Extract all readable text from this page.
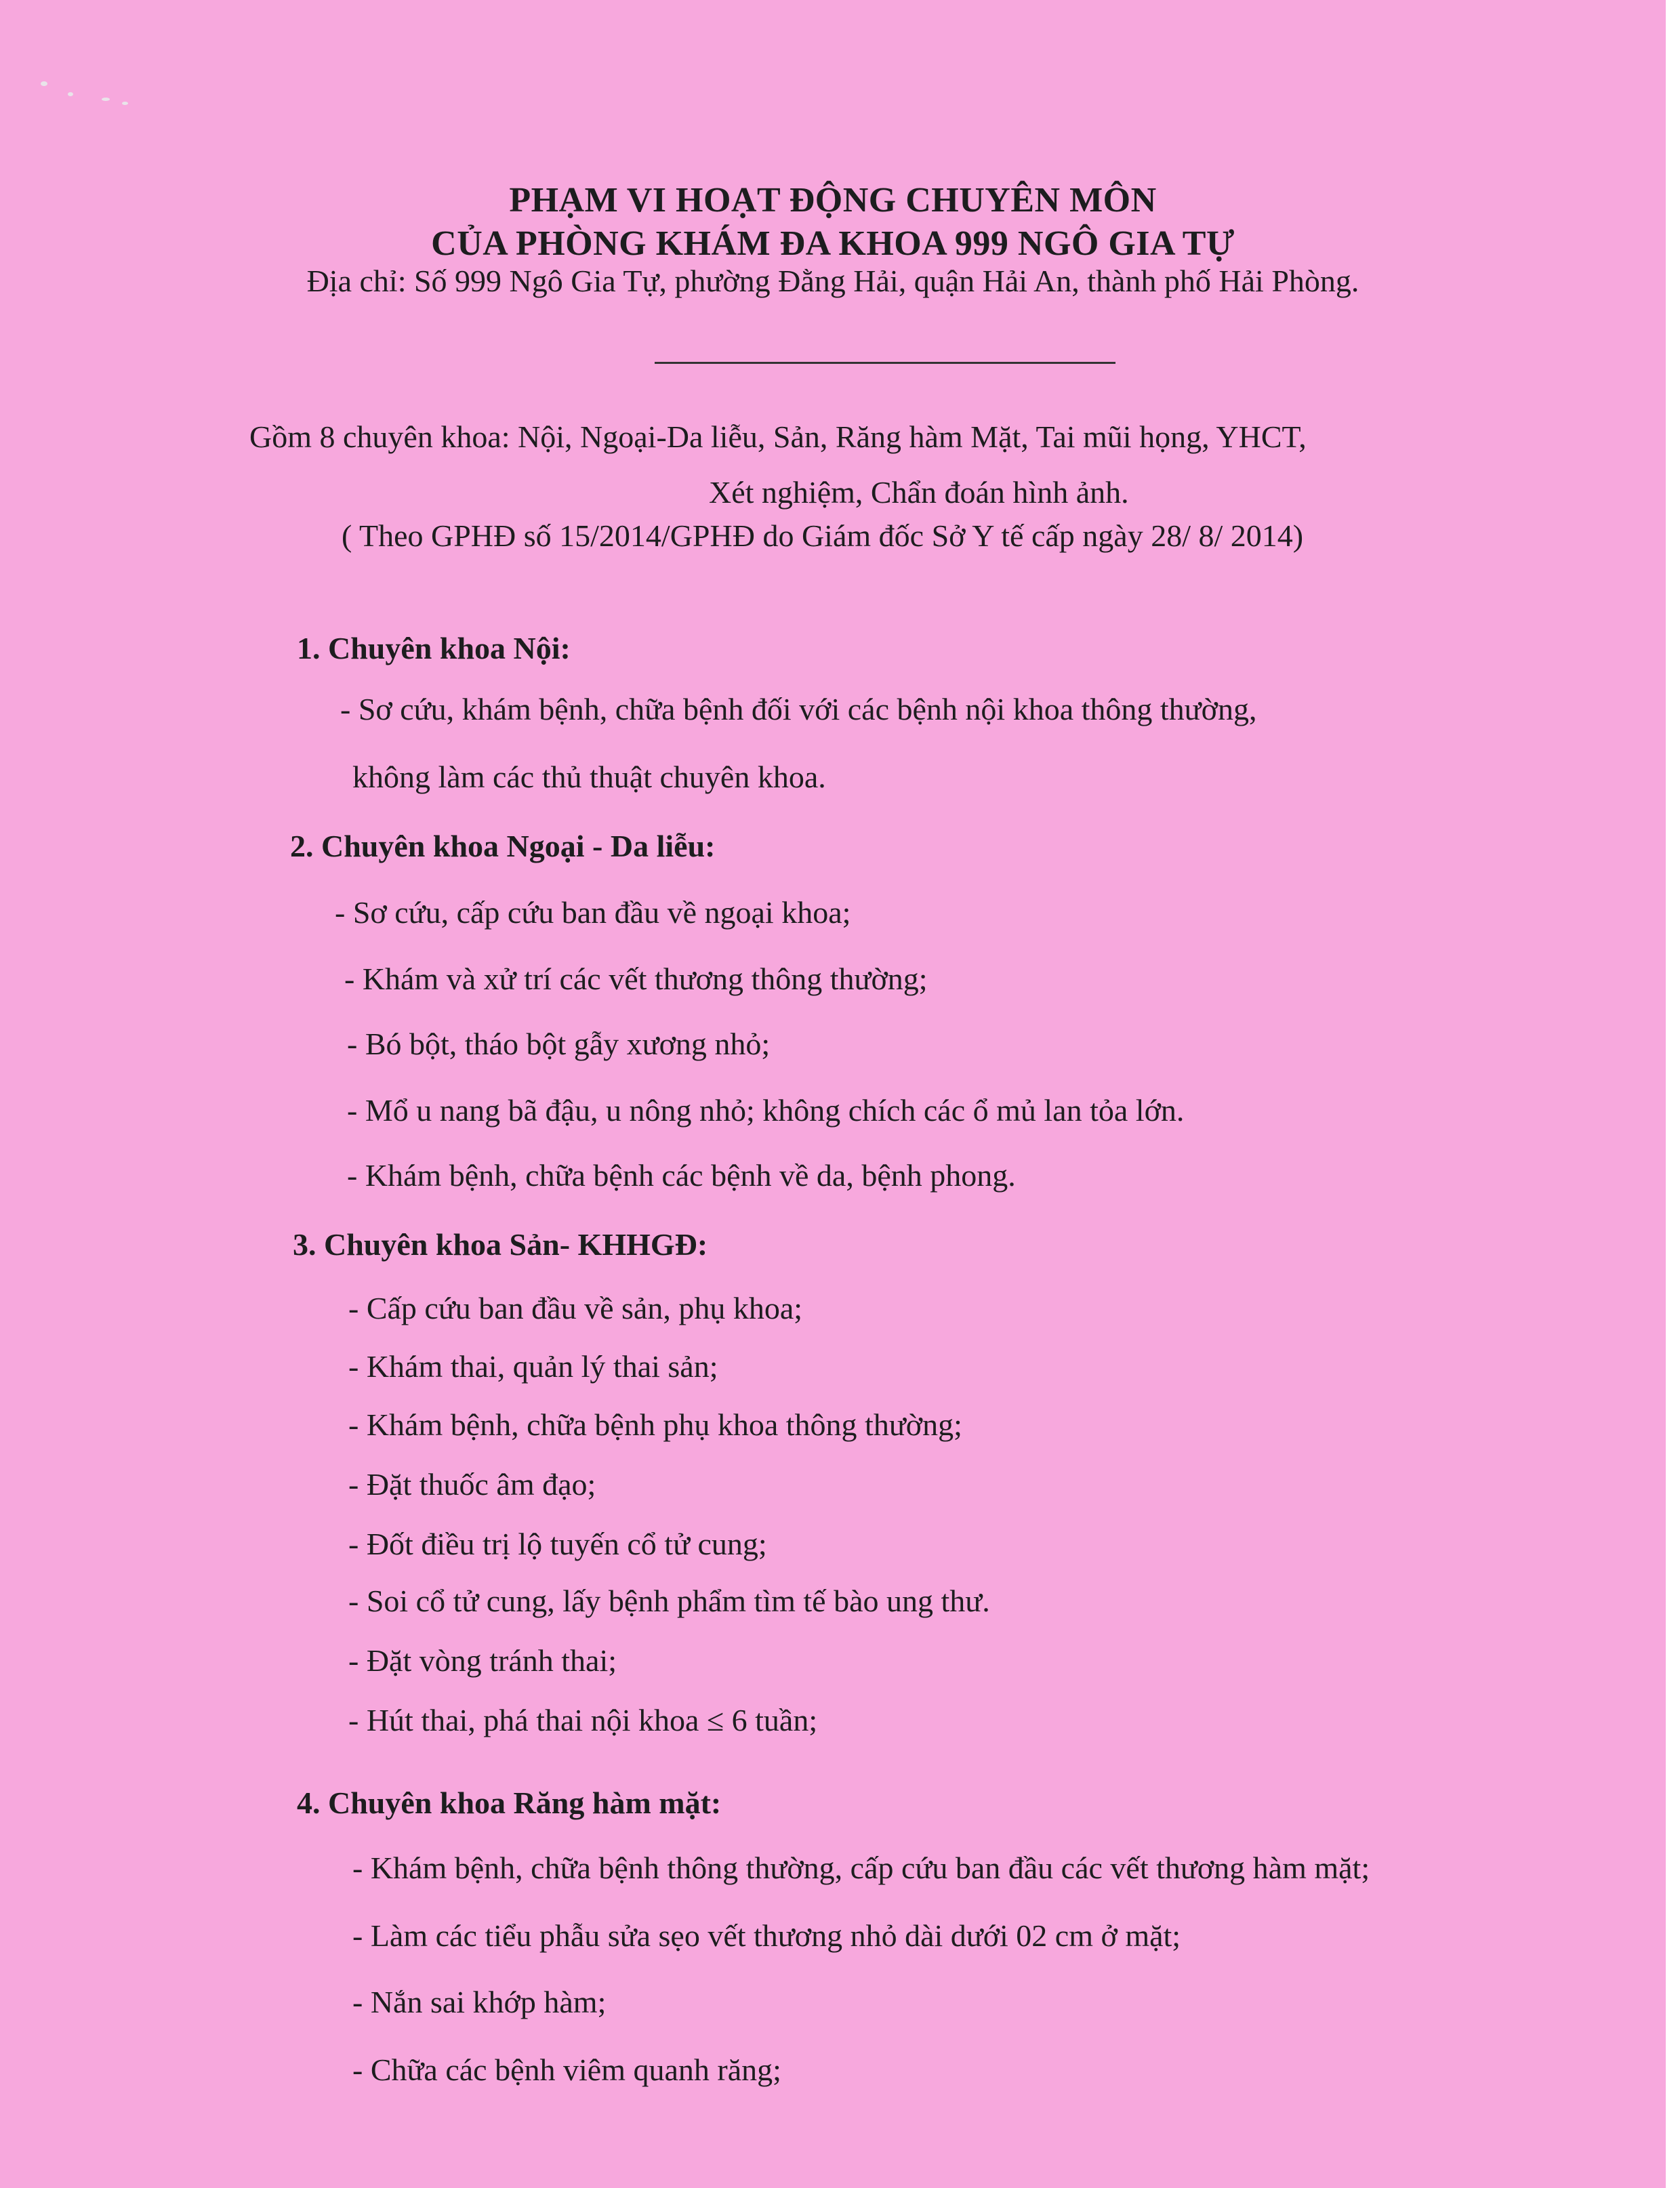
PHẠM VI HOẠT ĐỘNG CHUYÊN MÔN
CỦA PHÒNG KHÁM ĐA KHOA 999 NGÔ GIA TỰ
Địa chỉ: Số 999 Ngô Gia Tự, phường Đằng Hải, quận Hải An, thành phố Hải Phòng.
Gồm 8 chuyên khoa: Nội, Ngoại-Da liễu, Sản, Răng hàm Mặt, Tai mũi họng, YHCT,
Xét nghiệm, Chẩn đoán hình ảnh.
( Theo GPHĐ số 15/2014/GPHĐ do Giám đốc Sở Y tế cấp ngày 28/ 8/ 2014)
1. Chuyên khoa Nội:
- Sơ cứu, khám bệnh, chữa bệnh đối với các bệnh nội khoa thông thường,
không làm các thủ thuật chuyên khoa.
2. Chuyên khoa Ngoại - Da liễu:
- Sơ cứu, cấp cứu ban đầu về ngoại khoa;
- Khám và xử trí các vết thương thông thường;
- Bó bột, tháo bột gẫy xương nhỏ;
- Mổ u nang bã đậu, u nông nhỏ; không chích các ổ mủ lan tỏa lớn.
- Khám bệnh, chữa bệnh các bệnh về da, bệnh phong.
3. Chuyên khoa Sản- KHHGĐ:
- Cấp cứu ban đầu về sản, phụ khoa;
- Khám thai, quản lý thai sản;
- Khám bệnh, chữa bệnh phụ khoa thông thường;
- Đặt thuốc âm đạo;
- Đốt điều trị lộ tuyến cổ tử cung;
- Soi cổ tử cung, lấy bệnh phẩm tìm tế bào ung thư.
- Đặt vòng tránh thai;
- Hút thai, phá thai nội khoa ≤ 6 tuần;
4. Chuyên khoa Răng hàm mặt:
- Khám bệnh, chữa bệnh thông thường, cấp cứu ban đầu các vết thương hàm mặt;
- Làm các tiểu phẫu sửa sẹo vết thương nhỏ dài dưới 02 cm ở mặt;
- Nắn sai khớp hàm;
- Chữa các bệnh viêm quanh răng;
